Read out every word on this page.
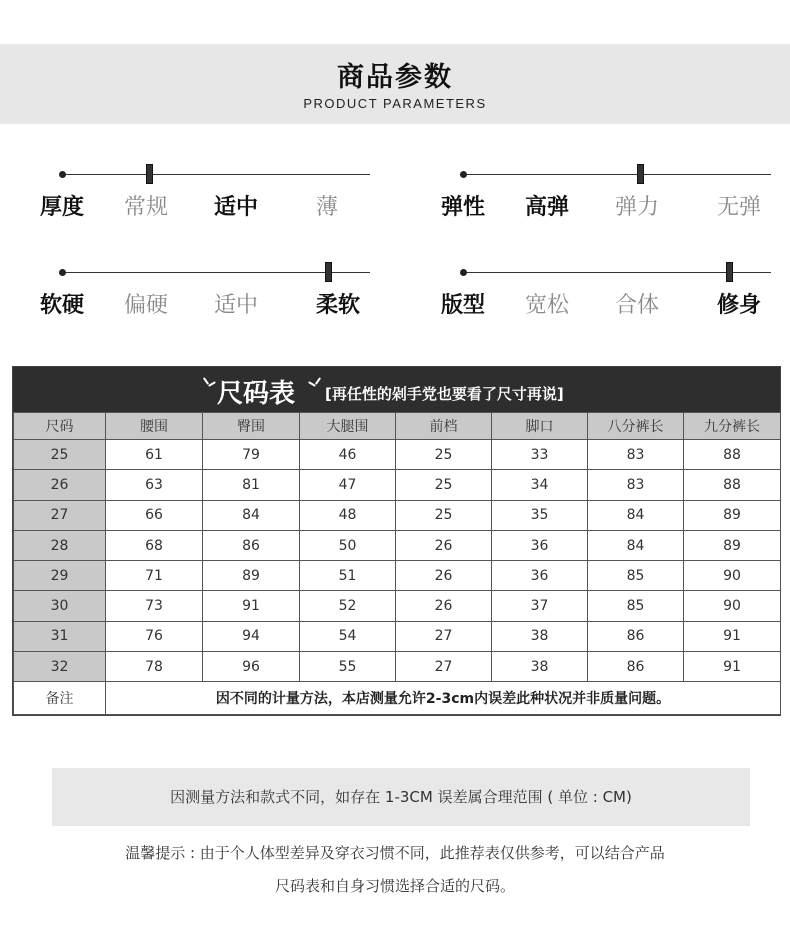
商品参数
PRODUCT PARAMETERS
厚度 常规 适中	薄	弹性 高弹 弹力	无弹
软硬 偏硬 适中	柔软	版型 宽松 合体	修身
尺码表 [再任性的剁手党也要看了尺寸再说]
尺码	腰围	臀围	大腿围	前档	脚口	八分裤长	九分裤长
25	61	79	46	25	33	83	88
26	63	81	47	25	34	83	88
27	66	84	48	25	35	84	89
28	68	86	50	26	36	84	89
29	71	89	51	26	36	85	90
30	73	91	52	26	37	85	90
31	76	94	54	27	38	86	91
32	78	96	55	27	38	86	91
备注	因不同的计量方法，本店测量允许2-3cm内误差此种状况并非质量问题。						
因测量方法和款式不同，如存在 1-3CM 误差属合理范围 ( 单位 : CM)
温馨提示 : 由于个人体型差异及穿衣习惯不同，此推荐表仅供参考，可以结合产品
尺码表和自身习惯选择合适的尺码。
